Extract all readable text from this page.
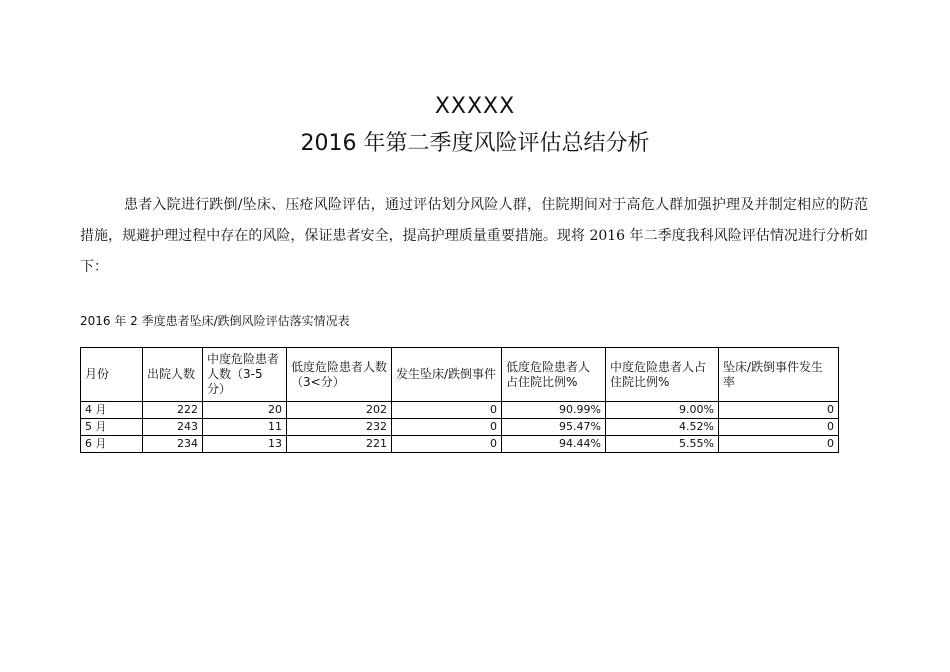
XXXXX
2016 年第二季度风险评估总结分析

患者入院进行跌倒/坠床、压疮风险评估，通过评估划分风险人群，住院期间对于高危人群加强护理及并制定相应的防范措施，规避护理过程中存在的风险，保证患者安全，提高护理质量重要措施。现将 2016 年二季度我科风险评估情况进行分析如下：

2016 年 2 季度患者坠床/跌倒风险评估落实情况表
月份	出院人数	中度危险患者人数（3-5 分）	低度危险患者人数（3<分）	发生坠床/跌倒事件	低度危险患者人占住院比例%	中度危险患者人占住院比例%	坠床/跌倒事件发生率
4 月	222	20	202	0	90.99%	9.00%	0
5 月	243	11	232	0	95.47%	4.52%	0
6 月	234	13	221	0	94.44%	5.55%	0
